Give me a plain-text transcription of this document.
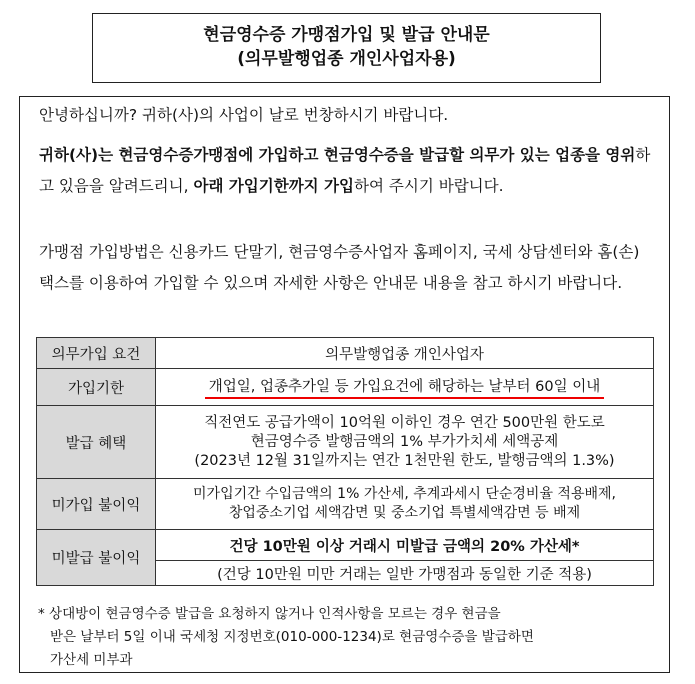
현금영수증 가맹점가입 및 발급 안내문
(의무발행업종 개인사업자용)
안녕하십니까? 귀하(사)의 사업이 날로 번창하시기 바랍니다.
귀하(사)는 현금영수증가맹점에 가입하고 현금영수증을 발급할 의무가 있는 업종을 영위하고 있음을 알려드리니, 아래 가입기한까지 가입하여 주시기 바랍니다.
가맹점 가입방법은 신용카드 단말기, 현금영수증사업자 홈페이지, 국세 상담센터와 홈(손)택스를 이용하여 가입할 수 있으며 자세한 사항은 안내문 내용을 참고 하시기 바랍니다.
의무가입 요건	의무발행업종 개인사업자
가입기한	개업일, 업종추가일 등 가입요건에 해당하는 날부터 60일 이내
발급 혜택	직전연도 공급가액이 10억원 이하인 경우 연간 500만원 한도로
현금영수증 발행금액의 1% 부가가치세 세액공제
(2023년 12월 31일까지는 연간 1천만원 한도, 발행금액의 1.3%)

미가입 불이익	미가입기간 수입금액의 1% 가산세, 추계과세시 단순경비율 적용배제,
창업중소기업 세액감면 및 중소기업 특별세액감면 등 배제

미발급 불이익	건당 10만원 이상 거래시 미발급 금액의 20% 가산세*
	(건당 10만원 미만 거래는 일반 가맹점과 동일한 기준 적용)
* 상대방이 현금영수증 발급을 요청하지 않거나 인적사항을 모르는 경우 현금을
받은 날부터 5일 이내 국세청 지정번호(010-000-1234)로 현금영수증을 발급하면
가산세 미부과
